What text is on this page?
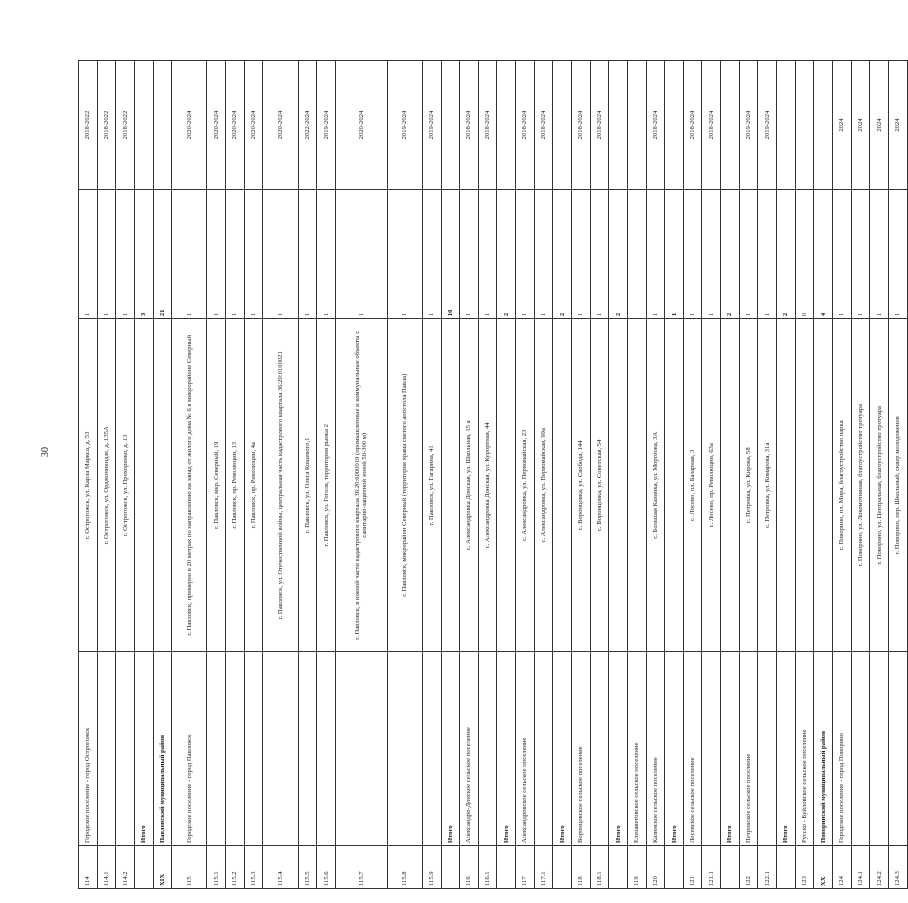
30
114	Городское поселение - город Острогожск	г. Острогожск, ул. Карла Маркса, д. 53	1	2018-2022
114.1		г. Острогожск, ул. Орджоникидзе, д. 135А	1	2018-2022
114.2		г. Острогожск, ул. Прохоренко, д. 13	1	2018-2022
	Итого		3	
XIX	Павловский муниципальный район		21	
115	Городское поселение - город Павловск	г. Павловск, примерно в 20 метрах по направлению на запад от жилого дома № 6 в микрорайоне Северный	1	2020-2024
115.1		г. Павловск, мкр. Северный, 19	1	2020-2024
115.2		г. Павловск, пр. Революции, 13	1	2020-2024
115.3		г. Павловск, пр. Революции, 4а	1	2020-2024
115.4		г. Павловск, ул. Отечественной войны, центральная часть кадастрового квартала 36:20:0100021	1	2020-2024
115.5		г. Павловск, ул. Олега Кошевого,1	1	2022-2024
115.6		г. Павловск, ул. Гоголя, территория рынка 2	1	2019-2024
115.7		г. Павловск, в южной части кадастрового квартала 36:20:6000019 (промышленные и коммунальные объекты с санитарно-защитной зоной 50-300 м)	1	2020-2024
115.8		г. Павловск, микрорайон Северный (территория храма святого апостола Павла)	1	2019-2024
115.9		г. Павловск, ул. Гагарина, 41	1	2019-2024
	Итого		10	
116	Александро-Донское сельское поселение	с. Александровка Донская, ул. Школьная, 15 а	1	2018-2024
116.1		с. Александровка Донская, ул. Курортная, 44	1	2018-2024
	Итого		2	
117	Александровское сельское поселение	с. Александровка, ул. Первомайская, 23	1	2018-2024
117.1		с. Александровка, ул. Первомайская, 99а	1	2018-2024
	Итого		2	
118	Воронцовское сельское поселение	с. Воронцовка, ул. Свобода, 144	1	2018-2024
118.1		с. Воронцовка, ул. Советская, 54	1	2018-2024
	Итого		2	
119	Елизаветовское сельское поселение			
120	Казинское сельское поселение	с. Большая Казинка, ул. Морозова, 3А	1	2018-2024
	Итого		1	
121	Лосевское сельское поселение	с. Лосево, пл. Базарная, 3	1	2018-2024
121.1		с. Лосево, пр. Революции, 63а	1	2018-2024
	Итого		2	
122	Петровское сельское поселение	с. Петровка, ул. Кирова, 58	1	2019-2024
122.1		с. Петровка, ул. Комарова, 31а	1	2019-2024
	Итого		2	
123	Русско - Буйловское сельское поселение		0	
XX	Поворинский муниципальный район		4	
124	Городское поселение - город Поворино	г. Поворино, пл. Мира, благоустройство парка	1	2024
124.1		г. Поворино, ул. Локомотивная, благоустройство тротуара	1	2024
124.2		г. Поворино, ул. Центральная, благоустройство тротуара	1	2024
124.3		г. Поворино, пер. Школьный, сквер молодоженов	1	2024
